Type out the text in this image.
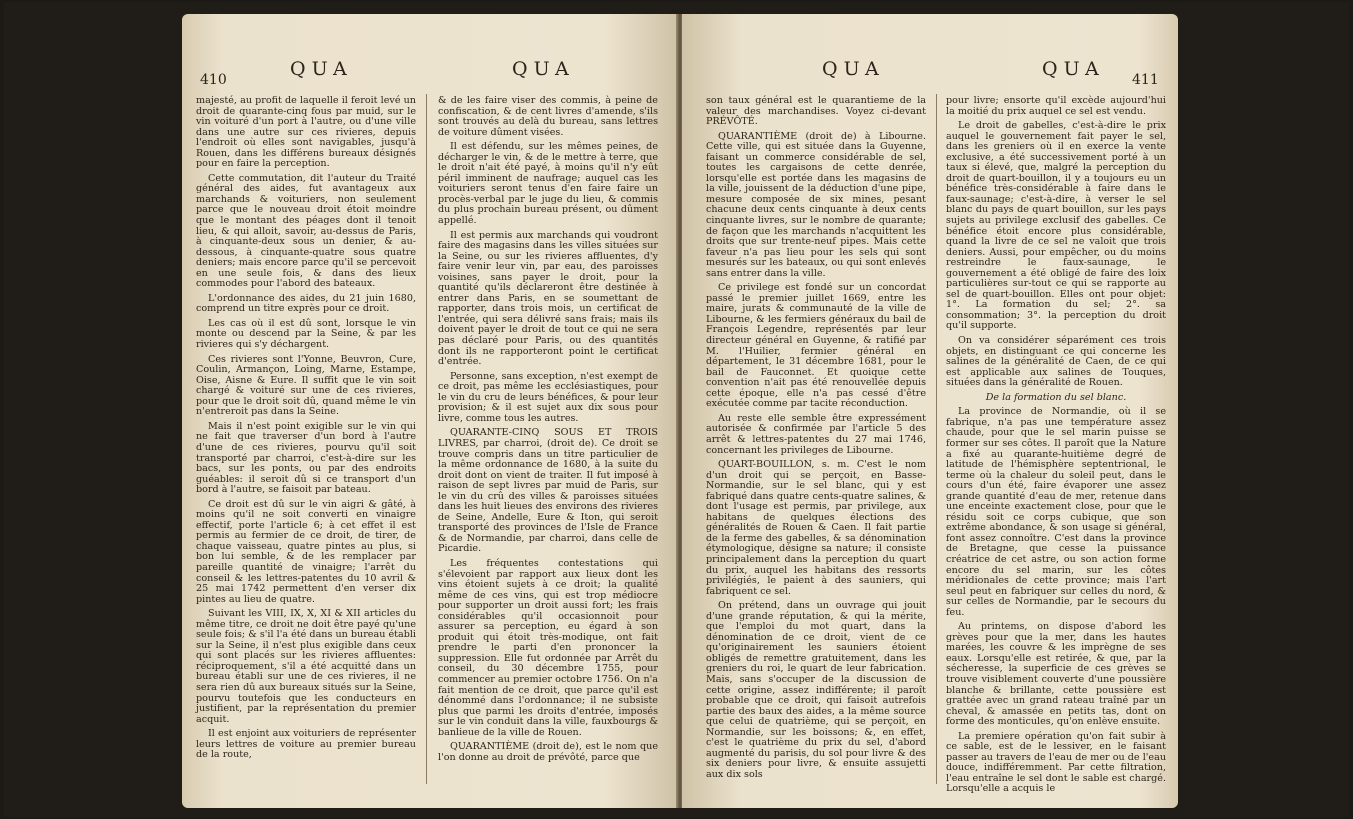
410	QUA	QUA

majesté, au profit de laquelle il feroit levé un droit de quarante-cinq fous par muid, sur le vin voituré d'un port à l'autre, ou d'une ville dans une autre sur ces rivieres, depuis l'endroit où elles sont navigables, jusqu'à Rouen, dans les différens bureaux désignés pour en faire la perception.

Cette commutation, dit l'auteur du Traité général des aides, fut avantageux aux marchands & voituriers, non seulement parce que le nouveau droit étoit moindre que le montant des péages dont il tenoit lieu, & qui alloit, savoir, au-dessus de Paris, à cinquante-deux sous un denier, & au-dessous, à cinquante-quatre sous quatre deniers; mais encore parce qu'il se percevoit en une seule fois, & dans des lieux commodes pour l'abord des bateaux.

L'ordonnance des aides, du 21 juin 1680, comprend un titre exprès pour ce droit.

Les cas où il est dû sont, lorsque le vin monte ou descend par la Seine, & par les rivieres qui s'y déchargent.

Ces rivieres sont l'Yonne, Beuvron, Cure, Coulin, Armançon, Loing, Marne, Estampe, Oise, Aisne & Eure. Il suffit que le vin soit chargé & voituré sur une de ces rivieres, pour que le droit soit dû, quand même le vin n'entreroit pas dans la Seine.

Mais il n'est point exigible sur le vin qui ne fait que traverser d'un bord à l'autre d'une de ces rivieres, pourvu qu'il soit transporté par charroi, c'est-à-dire sur les bacs, sur les ponts, ou par des endroits guéables: il seroit dû si ce transport d'un bord à l'autre, se faisoit par bateau.

Ce droit est dû sur le vin aigri & gâté, à moins qu'il ne soit converti en vinaigre effectif, porte l'article 6; à cet effet il est permis au fermier de ce droit, de tirer, de chaque vaisseau, quatre pintes au plus, si bon lui semble, & de les remplacer par pareille quantité de vinaigre; l'arrêt du conseil & les lettres-patentes du 10 avril & 25 mai 1742 permettent d'en verser dix pintes au lieu de quatre.

Suivant les VIII, IX, X, XI & XII articles du même titre, ce droit ne doit être payé qu'une seule fois; & s'il l'a été dans un bureau établi sur la Seine, il n'est plus exigible dans ceux qui sont placés sur les rivieres affluentes: réciproquement, s'il a été acquitté dans un bureau établi sur une de ces rivieres, il ne sera rien dû aux bureaux situés sur la Seine, pourvu toutefois que les conducteurs en justifient, par la représentation du premier acquit.

Il est enjoint aux voituriers de représenter leurs lettres de voiture au premier bureau de la route,

& de les faire viser des commis, à peine de confiscation, & de cent livres d'amende, s'ils sont trouvés au delà du bureau, sans lettres de voiture dûment visées.

Il est défendu, sur les mêmes peines, de décharger le vin, & de le mettre à terre, que le droit n'ait été payé, à moins qu'il n'y eût péril imminent de naufrage; auquel cas les voituriers seront tenus d'en faire faire un procès-verbal par le juge du lieu, & commis du plus prochain bureau présent, ou dûment appellé.

Il est permis aux marchands qui voudront faire des magasins dans les villes situées sur la Seine, ou sur les rivieres affluentes, d'y faire venir leur vin, par eau, des paroisses voisines, sans payer le droit, pour la quantité qu'ils déclareront être destinée à entrer dans Paris, en se soumettant de rapporter, dans trois mois, un certificat de l'entrée, qui sera délivré sans frais; mais ils doivent payer le droit de tout ce qui ne sera pas déclaré pour Paris, ou des quantités dont ils ne rapporteront point le certificat d'entrée.

Personne, sans exception, n'est exempt de ce droit, pas même les ecclésiastiques, pour le vin du cru de leurs bénéfices, & pour leur provision; & il est sujet aux dix sous pour livre, comme tous les autres.

QUARANTE-CINQ SOUS ET TROIS LIVRES, par charroi, (droit de). Ce droit se trouve compris dans un titre particulier de la même ordonnance de 1680, à la suite du droit dont on vient de traiter. Il fut imposé à raison de sept livres par muid de Paris, sur le vin du crû des villes & paroisses situées dans les huit lieues des environs des rivieres de Seine, Andelle, Eure & Iton, qui seroit transporté des provinces de l'Isle de France & de Normandie, par charroi, dans celle de Picardie.

Les fréquentes contestations qui s'élevoient par rapport aux lieux dont les vins étoient sujets à ce droit; la qualité même de ces vins, qui est trop médiocre pour supporter un droit aussi fort; les frais considérables qu'il occasionnoit pour assurer sa perception, eu égard à son produit qui étoit très-modique, ont fait prendre le parti d'en prononcer la suppression. Elle fut ordonnée par Arrêt du conseil, du 30 décembre 1755, pour commencer au premier octobre 1756. On n'a fait mention de ce droit, que parce qu'il est dénommé dans l'ordonnance; il ne subsiste plus que parmi les droits d'entrée, imposés sur le vin conduit dans la ville, fauxbourgs & banlieue de la ville de Rouen.

QUARANTIÈME (droit de), est le nom que l'on donne au droit de prévôté, parce que

QUA	QUA 411

son taux général est le quarantieme de la valeur des marchandises. Voyez ci-devant PRÉVÔTÉ.

QUARANTIÈME (droit de) à Libourne. Cette ville, qui est située dans la Guyenne, faisant un commerce considérable de sel, toutes les cargaisons de cette denrée, lorsqu'elle est portée dans les magasins de la ville, jouissent de la déduction d'une pipe, mesure composée de six mines, pesant chacune deux cents cinquante à deux cents cinquante livres, sur le nombre de quarante; de façon que les marchands n'acquittent les droits que sur trente-neuf pipes. Mais cette faveur n'a pas lieu pour les sels qui sont mesurés sur les bateaux, ou qui sont enlevés sans entrer dans la ville.

Ce privilege est fondé sur un concordat passé le premier juillet 1669, entre les maire, jurats & communauté de la ville de Libourne, & les fermiers généraux du bail de François Legendre, représentés par leur directeur général en Guyenne, & ratifié par M. l'Huilier, fermier général en département, le 31 décembre 1681, pour le bail de Fauconnet. Et quoique cette convention n'ait pas été renouvellée depuis cette époque, elle n'a pas cessé d'être exécutée comme par tacite réconduction.

Au reste elle semble être expressément autorisée & confirmée par l'article 5 des arrêt & lettres-patentes du 27 mai 1746, concernant les privileges de Libourne.

QUART-BOUILLON, s. m. C'est le nom d'un droit qui se perçoit, en Basse-Normandie, sur le sel blanc, qui y est fabriqué dans quatre cents-quatre salines, & dont l'usage est permis, par privilege, aux habitans de quelques élections des généralités de Rouen & Caen. Il fait partie de la ferme des gabelles, & sa dénomination étymologique, désigne sa nature; il consiste principalement dans la perception du quart du prix, auquel les habitans des ressorts privilégiés, le paient à des sauniers, qui fabriquent ce sel.

On prétend, dans un ouvrage qui jouit d'une grande réputation, & qui la mérite, que l'emploi du mot quart, dans la dénomination de ce droit, vient de ce qu'originairement les sauniers étoient obligés de remettre gratuitement, dans les greniers du roi, le quart de leur fabrication. Mais, sans s'occuper de la discussion de cette origine, assez indifférente; il paroît probable que ce droit, qui faisoit autrefois partie des baux des aides, a la même source que celui de quatrième, qui se perçoit, en Normandie, sur les boissons; &, en effet, c'est le quatrième du prix du sel, d'abord augmenté du parisis, du sol pour livre & des six deniers pour livre, & ensuite assujetti aux dix sols

pour livre; ensorte qu'il excède aujourd'hui la moitié du prix auquel ce sel est vendu.

Le droit de gabelles, c'est-à-dire le prix auquel le gouvernement fait payer le sel, dans les greniers où il en exerce la vente exclusive, a été successivement porté à un taux si élevé, que, malgré la perception du droit de quart-bouillon, il y a toujours eu un bénéfice très-considérable à faire dans le faux-saunage; c'est-à-dire, à verser le sel blanc du pays de quart bouillon, sur les pays sujets au privilege exclusif des gabelles. Ce bénéfice étoit encore plus considérable, quand la livre de ce sel ne valoit que trois deniers. Aussi, pour empêcher, ou du moins restreindre le faux-saunage, le gouvernement a été obligé de faire des loix particulières sur-tout ce qui se rapporte au sel de quart-bouillon. Elles ont pour objet: 1°. La formation du sel; 2°. sa consommation; 3°. la perception du droit qu'il supporte.

On va considérer séparément ces trois objets, en distinguant ce qui concerne les salines de la généralité de Caen, de ce qui est applicable aux salines de Touques, situées dans la généralité de Rouen.

De la formation du sel blanc.

La province de Normandie, où il se fabrique, n'a pas une température assez chaude, pour que le sel marin puisse se former sur ses côtes. Il paroît que la Nature a fixé au quarante-huitième degré de latitude de l'hémisphère septentrional, le terme où la chaleur du soleil peut, dans le cours d'un été, faire évaporer une assez grande quantité d'eau de mer, retenue dans une enceinte exactement close, pour que le résidu soit ce corps cubique, que son extrême abondance, & son usage si général, font assez connoître. C'est dans la province de Bretagne, que cesse la puissance créatrice de cet astre, ou son action forme encore du sel marin, sur les côtes méridionales de cette province; mais l'art seul peut en fabriquer sur celles du nord, & sur celles de Normandie, par le secours du feu.

Au printems, on dispose d'abord les grèves pour que la mer, dans les hautes marées, les couvre & les imprègne de ses eaux. Lorsqu'elle est retirée, & que, par la sécheresse, la superficie de ces grèves se trouve visiblement couverte d'une poussière blanche & brillante, cette poussière est grattée avec un grand rateau traîné par un cheval, & amassée en petits tas, dont on forme des monticules, qu'on enlève ensuite.

La premiere opération qu'on fait subir à ce sable, est de le lessiver, en le faisant passer au travers de l'eau de mer ou de l'eau douce, indifféremment. Par cette filtration, l'eau entraîne le sel dont le sable est chargé. Lorsqu'elle a acquis le
